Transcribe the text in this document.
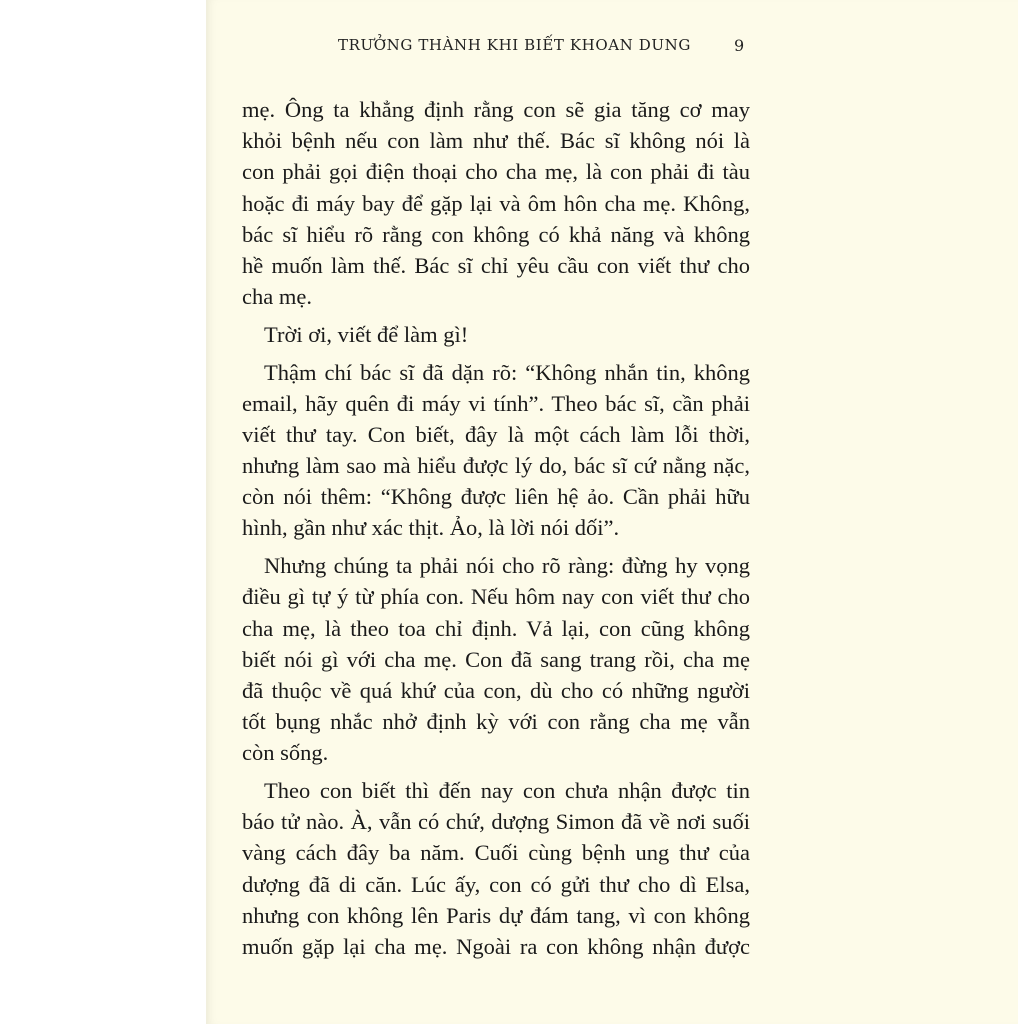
TRƯỞNG THÀNH KHI BIẾT KHOAN DUNG	9
mẹ. Ông ta khẳng định rằng con sẽ gia tăng cơ may
khỏi bệnh nếu con làm như thế. Bác sĩ không nói là
con phải gọi điện thoại cho cha mẹ, là con phải đi tàu
hoặc đi máy bay để gặp lại và ôm hôn cha mẹ. Không,
bác sĩ hiểu rõ rằng con không có khả năng và không
hề muốn làm thế. Bác sĩ chỉ yêu cầu con viết thư cho
cha mẹ.
Trời ơi, viết để làm gì!
Thậm chí bác sĩ đã dặn rõ: “Không nhắn tin, không
email, hãy quên đi máy vi tính”. Theo bác sĩ, cần phải
viết thư tay. Con biết, đây là một cách làm lỗi thời,
nhưng làm sao mà hiểu được lý do, bác sĩ cứ nằng nặc,
còn nói thêm: “Không được liên hệ ảo. Cần phải hữu
hình, gần như xác thịt. Ảo, là lời nói dối”.
Nhưng chúng ta phải nói cho rõ ràng: đừng hy vọng
điều gì tự ý từ phía con. Nếu hôm nay con viết thư cho
cha mẹ, là theo toa chỉ định. Vả lại, con cũng không
biết nói gì với cha mẹ. Con đã sang trang rồi, cha mẹ
đã thuộc về quá khứ của con, dù cho có những người
tốt bụng nhắc nhở định kỳ với con rằng cha mẹ vẫn
còn sống.
Theo con biết thì đến nay con chưa nhận được tin
báo tử nào. À, vẫn có chứ, dượng Simon đã về nơi suối
vàng cách đây ba năm. Cuối cùng bệnh ung thư của
dượng đã di căn. Lúc ấy, con có gửi thư cho dì Elsa,
nhưng con không lên Paris dự đám tang, vì con không
muốn gặp lại cha mẹ. Ngoài ra con không nhận được
